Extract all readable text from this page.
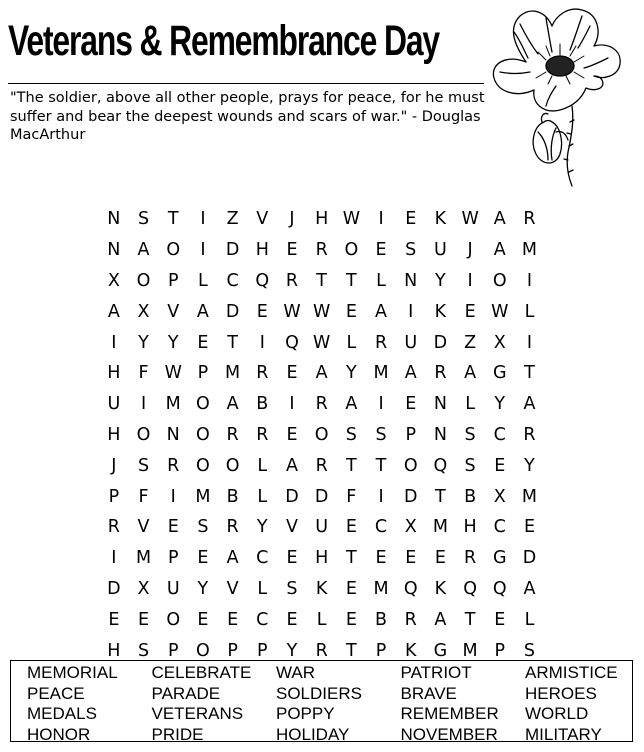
Veterans & Remembrance Day
"The soldier, above all other people, prays for peace, for he must suffer and bear the deepest wounds and scars of war." - Douglas MacArthur
N	S	T	I	Z	V	J	H W	I	E	K W A	R
N A O	I	D H	E	R O E	S	U	J	A M
X O	P	L	C Q R	T	T	L	N	Y	I	O	I
A	X	V	A D E W W E	A	I	K	E W L
I	Y	Y	E	T	I	Q W L	R U D Z	X	I
H	F W P M R	E	A	Y M A	R	A G	T
U	I	M O A	B	I	R	A	I	E	N	L	Y	A
H O N O R	R	E O S	S	P	N	S	C R
J	S	R O O	L	A	R	T	T O Q S	E	Y
P	F	I	M B	L	D D	F	I	D	T	B	X M
R	V	E	S	R	Y	V U	E	C	X M H C	E
I	M P	E	A	C	E	H	T	E	E	E	R G D
D X U	Y	V	L	S	K	E M Q K Q Q A
E	E O E	E	C	E	L	E	B	R	A	T	E	L
H	S	P	O	P	P	Y	R	T	P	K G M P	S
MEMORIAL	CELEBRATE	WAR	PATRIOT	ARMISTICE
PEACE	PARADE	SOLDIERS	BRAVE	HEROES
MEDALS	VETERANS	POPPY	REMEMBER	WORLD
HONOR	PRIDE	HOLIDAY	NOVEMBER	MILITARY
